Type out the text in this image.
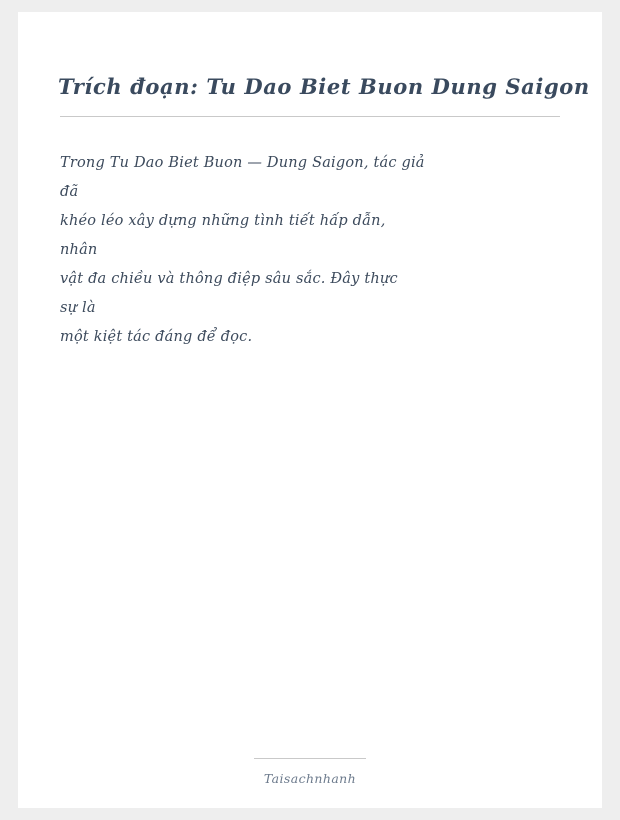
Trích đoạn: Tu Dao Biet Buon Dung Saigon
Trong Tu Dao Biet Buon — Dung Saigon, tác giả
đã
khéo léo xây dựng những tình tiết hấp dẫn,
nhân
vật đa chiều và thông điệp sâu sắc. Đây thực
sự là
một kiệt tác đáng để đọc.
Taisachnhanh
